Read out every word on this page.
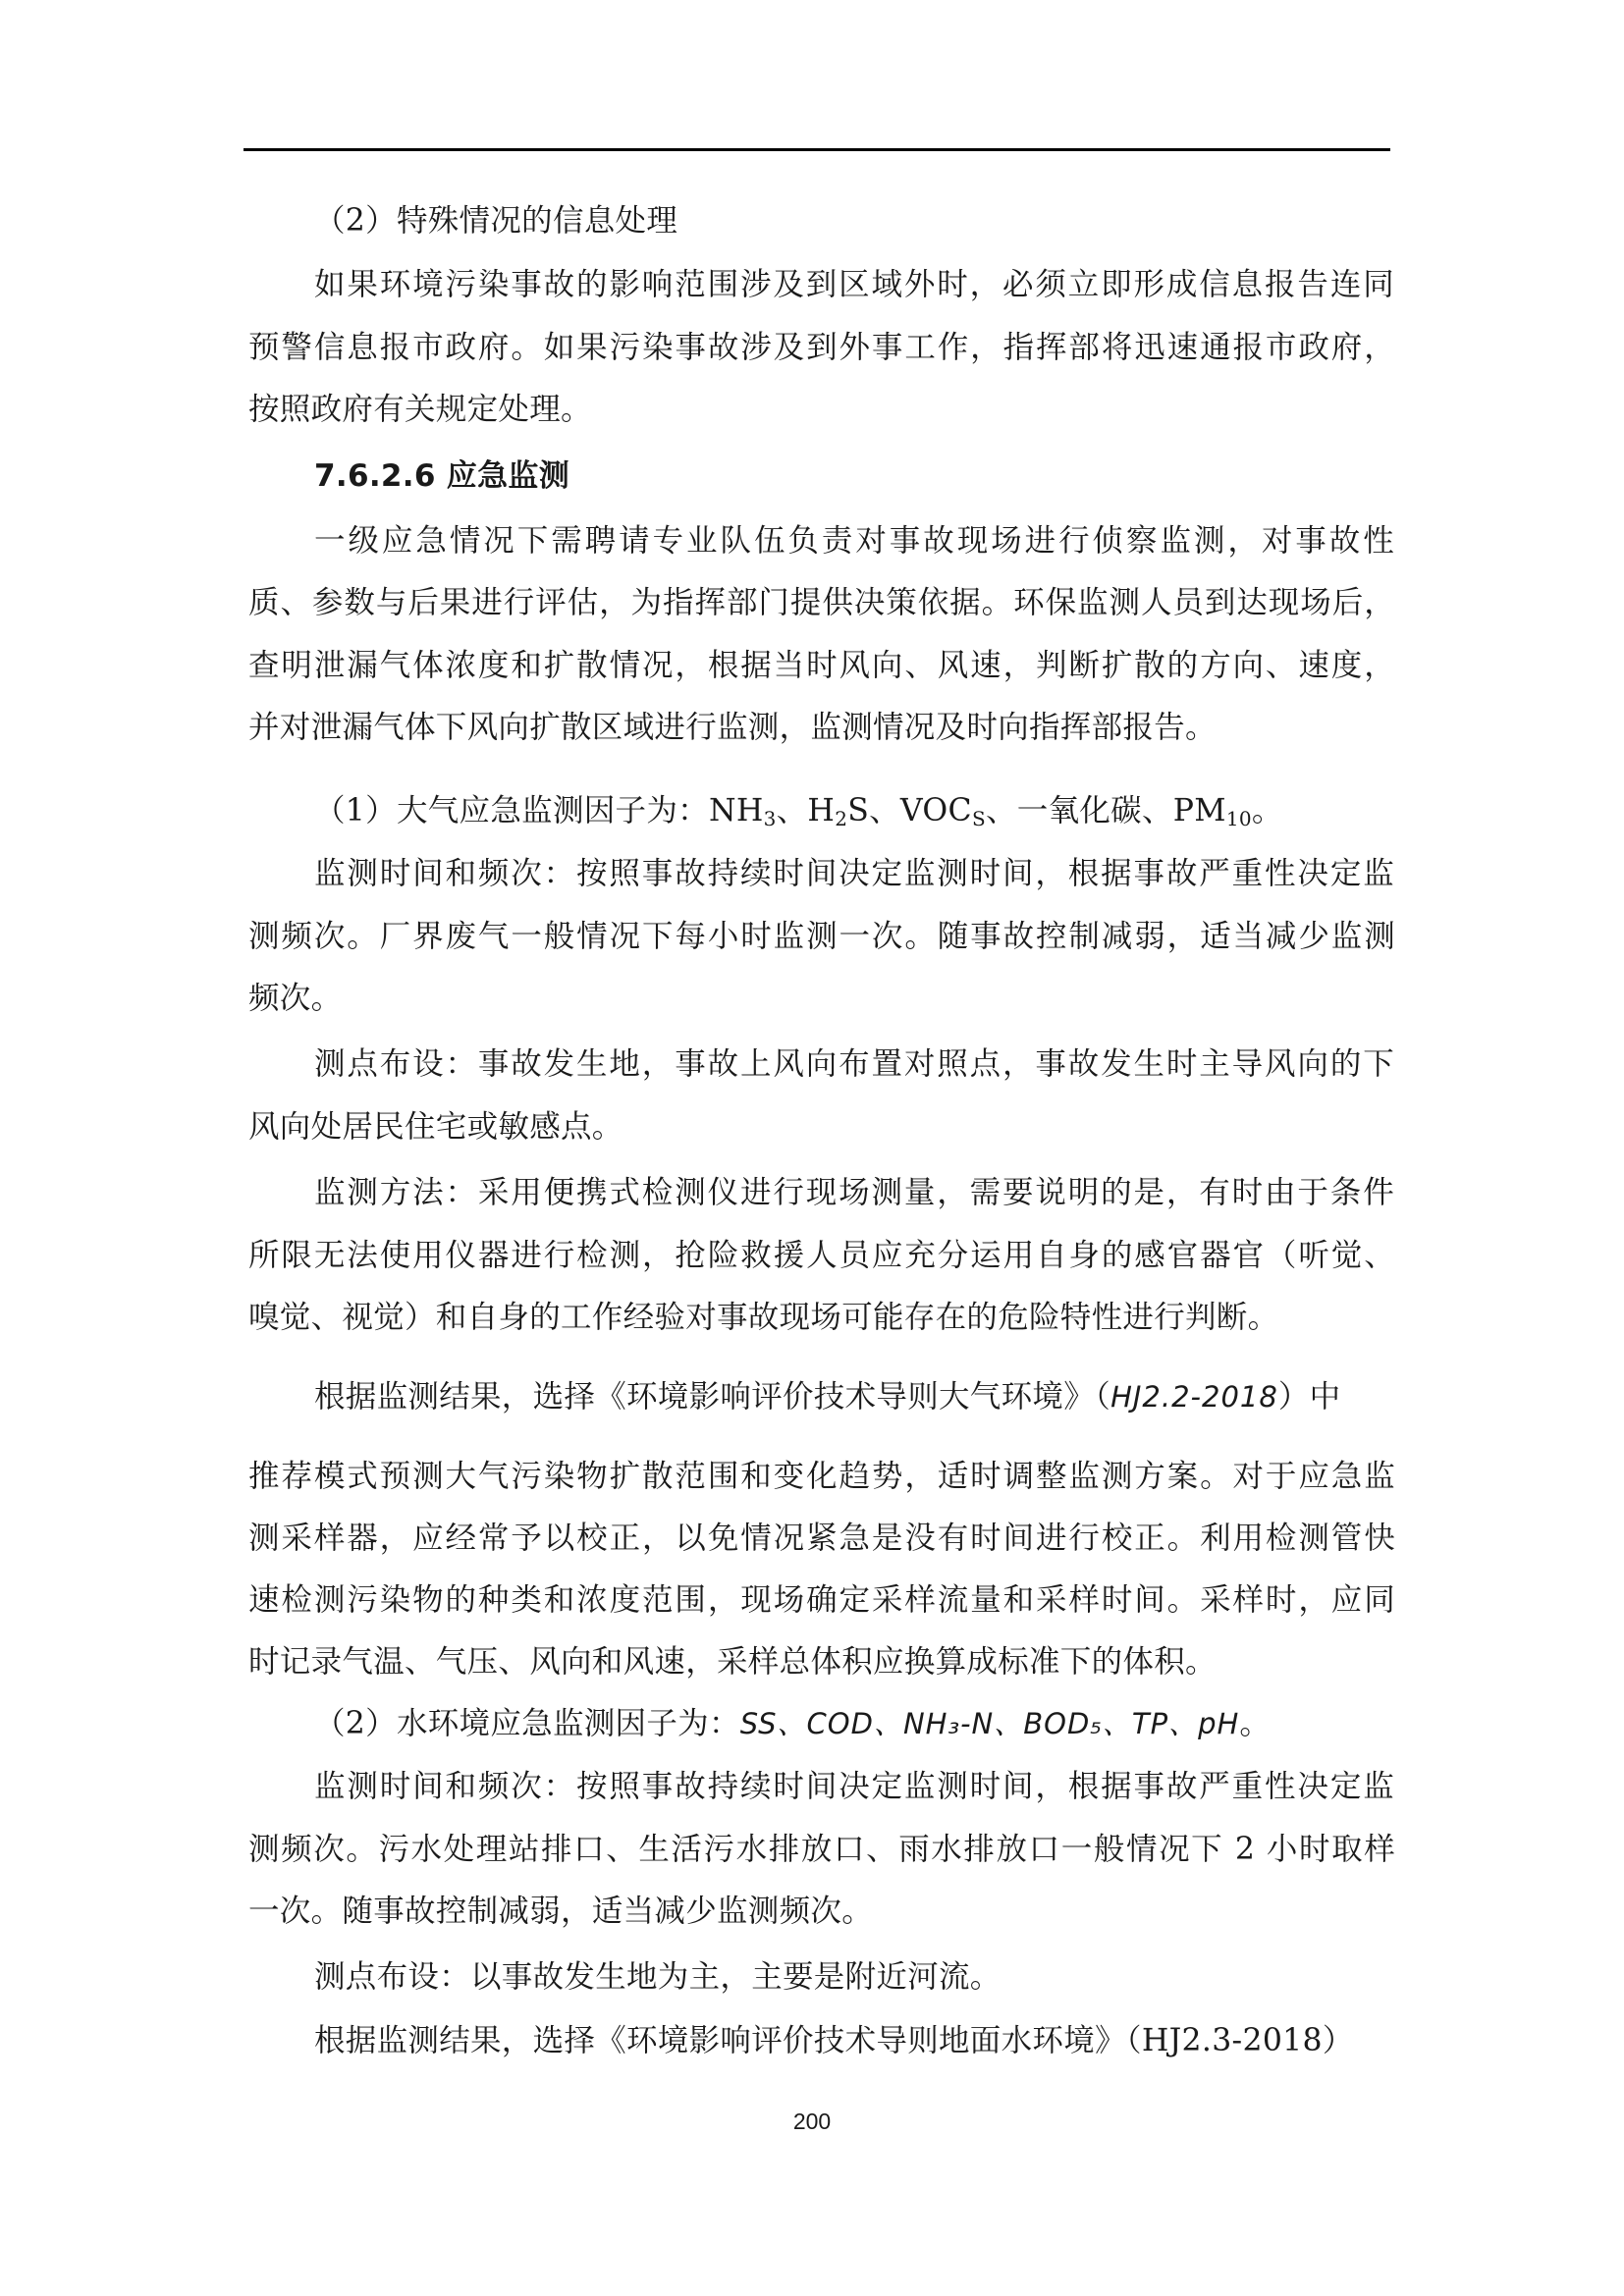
（2）特殊情况的信息处理
如果环境污染事故的影响范围涉及到区域外时，必须立即形成信息报告连同
预警信息报市政府。如果污染事故涉及到外事工作，指挥部将迅速通报市政府，
按照政府有关规定处理。
7.6.2.6 应急监测
一级应急情况下需聘请专业队伍负责对事故现场进行侦察监测，对事故性
质、参数与后果进行评估，为指挥部门提供决策依据。环保监测人员到达现场后，
查明泄漏气体浓度和扩散情况，根据当时风向、风速，判断扩散的方向、速度，
并对泄漏气体下风向扩散区域进行监测，监测情况及时向指挥部报告。
（1）大气应急监测因子为：$NH_3$、$H_2S$、$VOC_S$、一氧化碳、$PM_{10}$。
监测时间和频次：按照事故持续时间决定监测时间，根据事故严重性决定监
测频次。厂界废气一般情况下每小时监测一次。随事故控制减弱，适当减少监测
频次。
测点布设：事故发生地，事故上风向布置对照点，事故发生时主导风向的下
风向处居民住宅或敏感点。
监测方法：采用便携式检测仪进行现场测量，需要说明的是，有时由于条件
所限无法使用仪器进行检测，抢险救援人员应充分运用自身的感官器官（听觉、
嗅觉、视觉）和自身的工作经验对事故现场可能存在的危险特性进行判断。
根据监测结果，选择《环境影响评价技术导则大气环境》（HJ2.2-2018）中
推荐模式预测大气污染物扩散范围和变化趋势，适时调整监测方案。对于应急监
测采样器，应经常予以校正，以免情况紧急是没有时间进行校正。利用检测管快
速检测污染物的种类和浓度范围，现场确定采样流量和采样时间。采样时，应同
时记录气温、气压、风向和风速，采样总体积应换算成标准下的体积。
（2）水环境应急监测因子为：SS、COD、NH₃-N、BOD₅、TP、pH。
监测时间和频次：按照事故持续时间决定监测时间，根据事故严重性决定监
测频次。污水处理站排口、生活污水排放口、雨水排放口一般情况下 2 小时取样
一次。随事故控制减弱，适当减少监测频次。
测点布设：以事故发生地为主，主要是附近河流。
根据监测结果，选择《环境影响评价技术导则地面水环境》（HJ2.3-2018）
200
